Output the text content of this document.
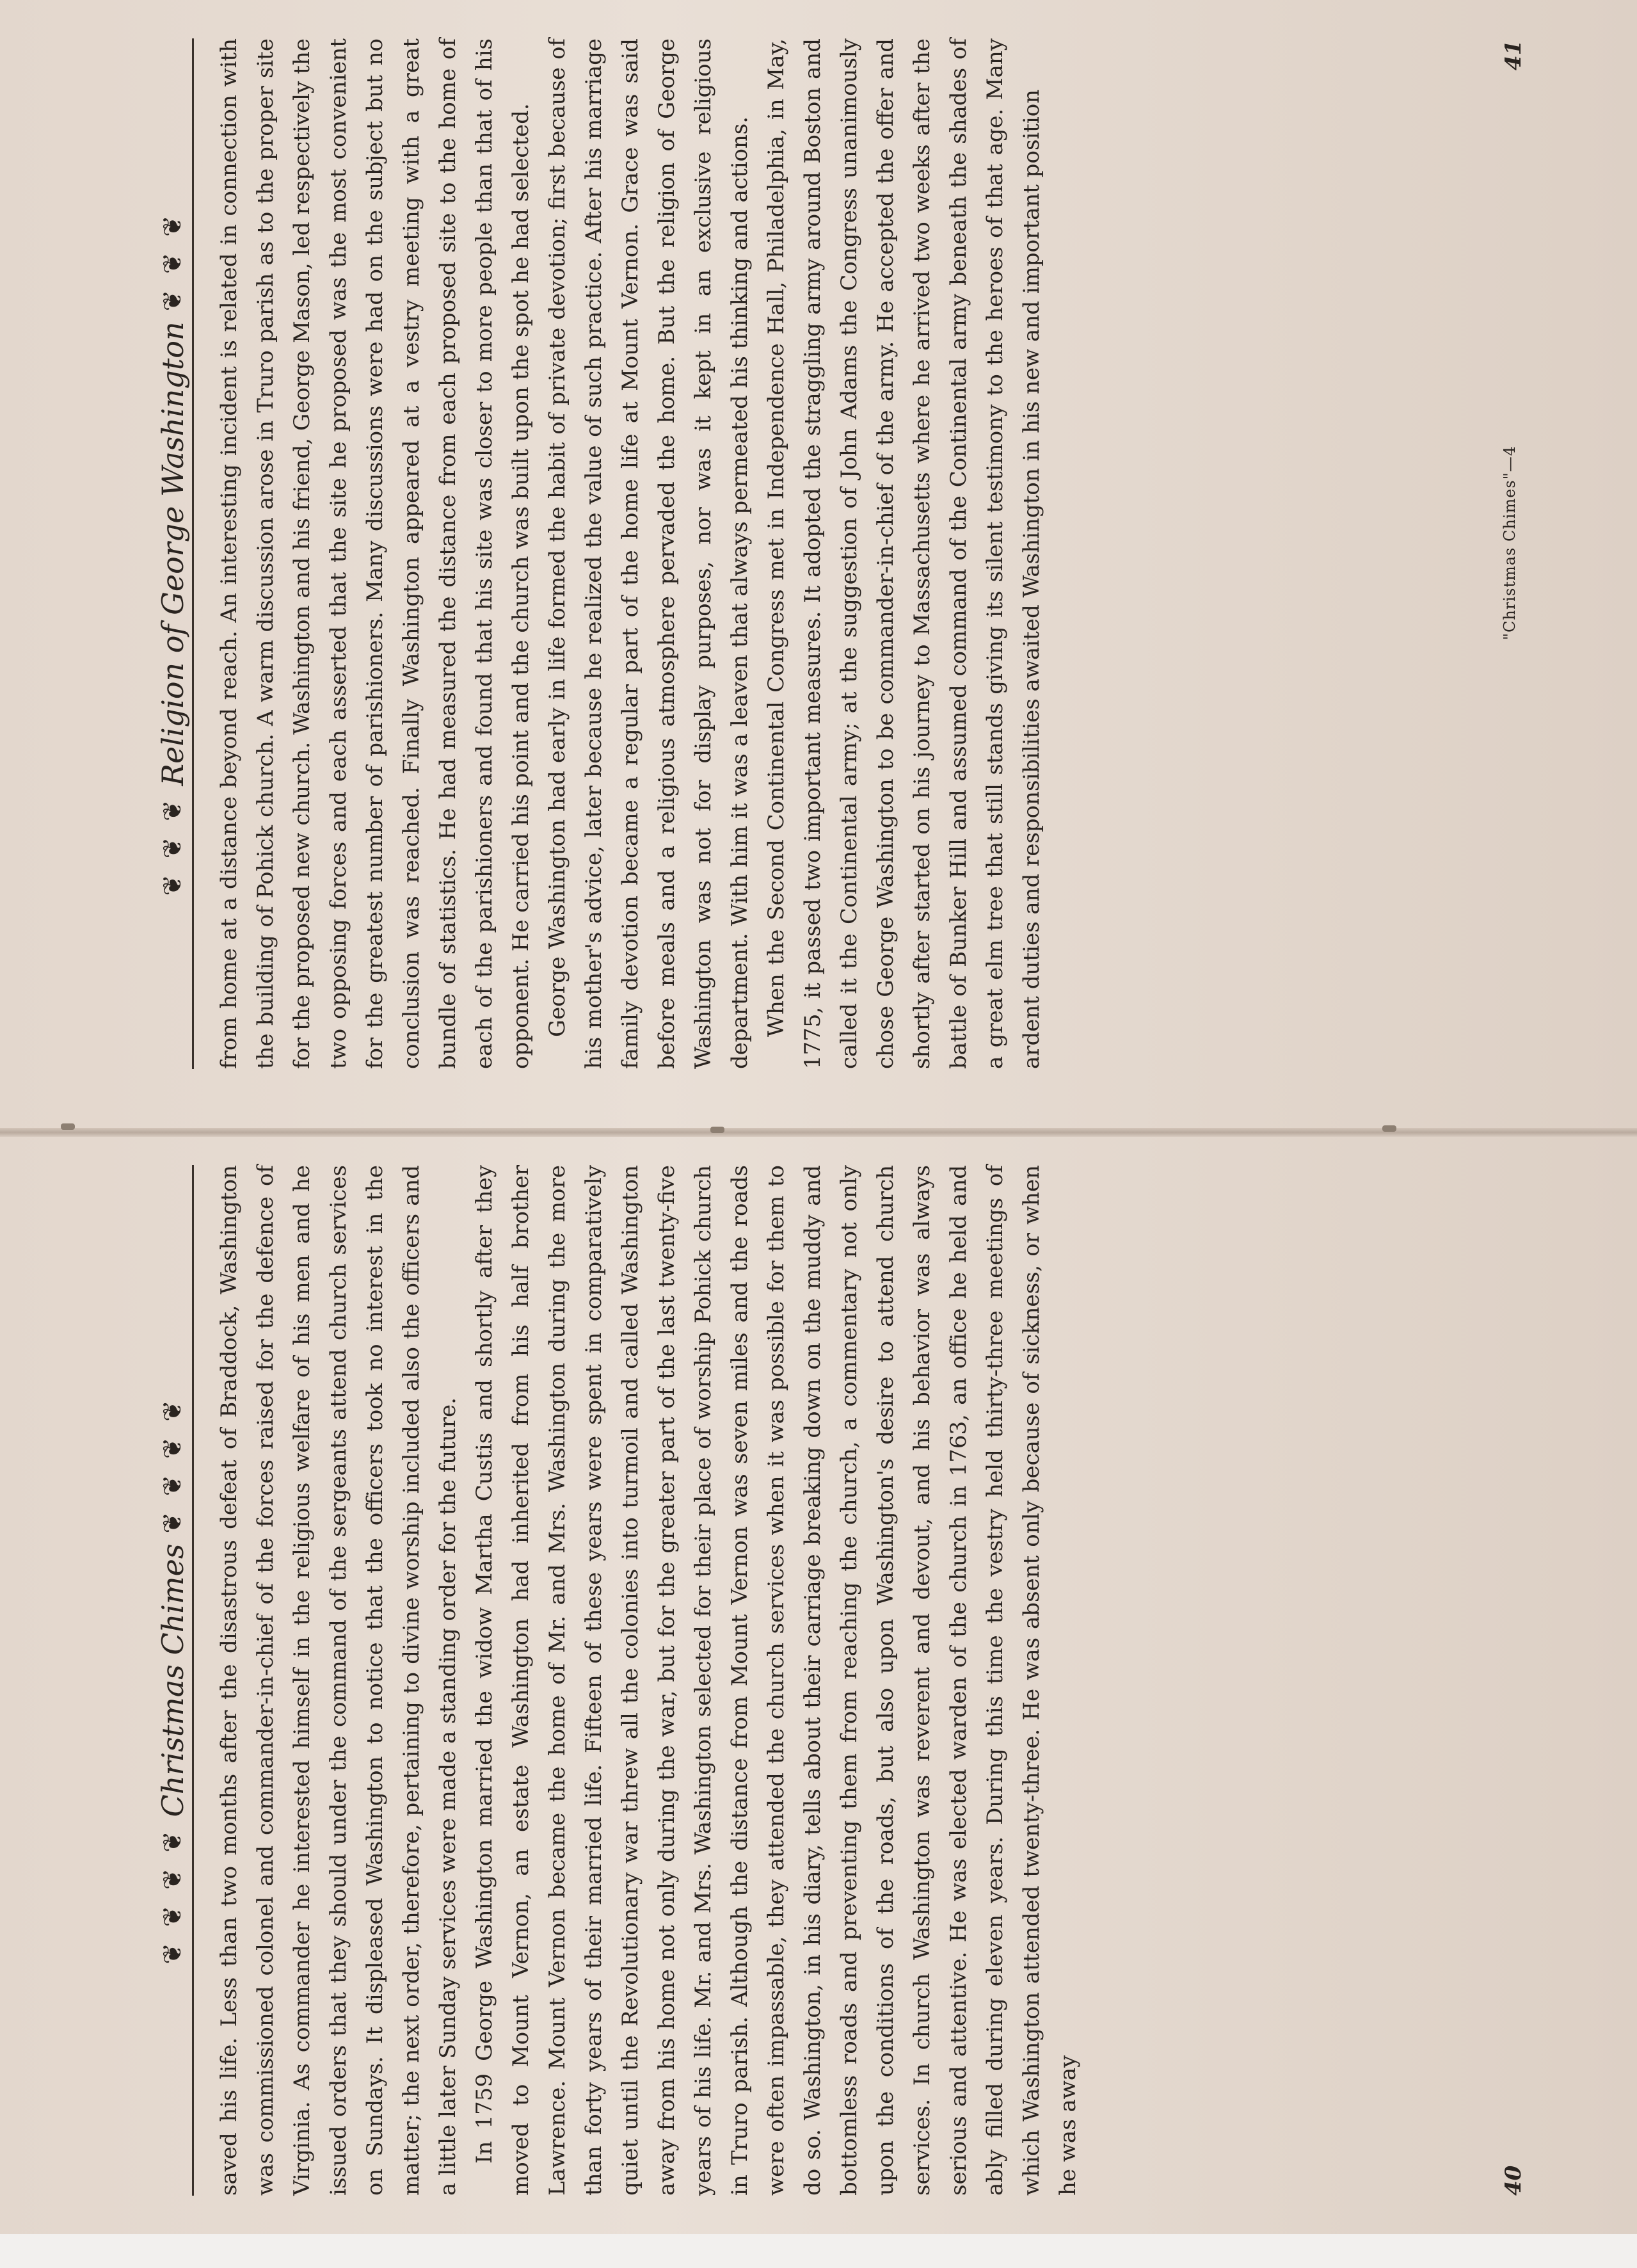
❦ ❦ ❦
Religion of George Washington
❦ ❦ ❦ from home at a distance beyond reach. An interesting incident is related in connection with the building of Pohick church. A warm discussion arose in Truro parish as to the proper site for the proposed new church. Washington and his friend, George Mason, led respectively the two opposing forces and each asserted that the site he proposed was the most convenient for the greatest number of parishioners. Many discussions were had on the subject but no conclusion was reached. Finally Washington appeared at a vestry meeting with a great bundle of statistics. He had measured the distance from each proposed site to the home of each of the parishioners and found that his site was closer to more people than that of his opponent. He carried his point and the church was built upon the spot he had selected. George Washington had early in life formed the habit of private devotion; first because of his mother's advice, later because he realized the value of such practice. After his marriage family devotion became a regular part of the home life at Mount Vernon. Grace was said before meals and a religious atmosphere pervaded the home. But the religion of George Washington was not for display purposes, nor was it kept in an exclusive religious department. With him it was a leaven that always permeated his thinking and actions. When the Second Continental Congress met in Independence Hall, Philadelphia, in May, 1775, it passed two important measures. It adopted the straggling army around Boston and called it the Continental army; at the suggestion of John Adams the Congress unanimously chose George Washington to be commander-in-chief of the army. He accepted the offer and shortly after started on his journey to Massachusetts where he arrived two weeks after the battle of Bunker Hill and assumed command of the Continental army beneath the shades of a great elm tree that still stands giving its silent testimony to the heroes of that age. Many ardent duties and responsibilities awaited Washington in his new and important position	"Christmas Chimes"—4
41
❦ ❦ ❦ ❦
Christmas Chimes
❦ ❦ ❦ ❦ saved his life. Less than two months after the disastrous defeat of Braddock, Washington was commissioned colonel and commander-in-chief of the forces raised for the defence of Virginia. As commander he interested himself in the religious welfare of his men and he issued orders that they should under the command of the sergeants attend church services on Sundays. It displeased Washington to notice that the officers took no interest in the matter; the next order, therefore, pertaining to divine worship included also the officers and a little later Sunday services were made a standing order for the future. In 1759 George Washington married the widow Martha Custis and shortly after they moved to Mount Vernon, an estate Washington had inherited from his half brother Lawrence. Mount Vernon became the home of Mr. and Mrs. Washington during the more than forty years of their married life. Fifteen of these years were spent in comparatively quiet until the Revolutionary war threw all the colonies into turmoil and called Washington away from his home not only during the war, but for the greater part of the last twenty-five years of his life. Mr. and Mrs. Washington selected for their place of worship Pohick church in Truro parish. Although the distance from Mount Vernon was seven miles and the roads were often impassable, they attended the church services when it was possible for them to do so. Washington, in his diary, tells about their carriage breaking down on the muddy and bottomless roads and preventing them from reaching the church, a commentary not only upon the conditions of the roads, but also upon Washington's desire to attend church services. In church Washington was reverent and devout, and his behavior was always serious and attentive. He was elected warden of the church in 1763, an office he held and ably filled during eleven years. During this time the vestry held thirty-three meetings of which Washington attended twenty-three. He was absent only because of sickness, or when he was away	40
